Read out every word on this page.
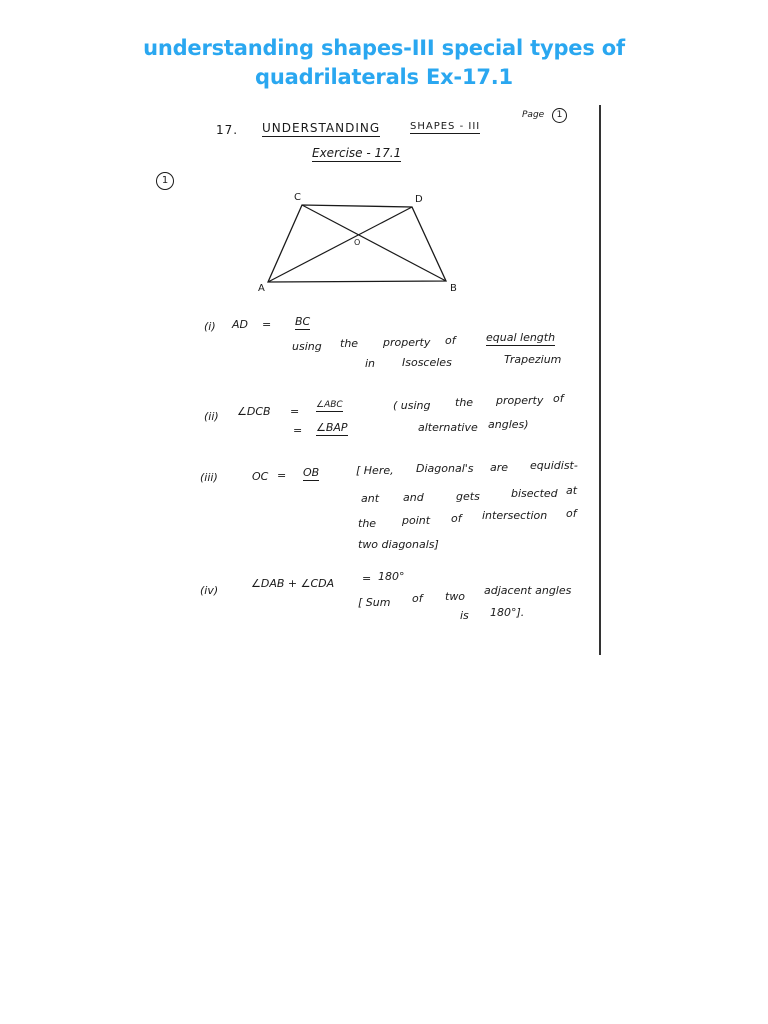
understanding shapes-III special types of
quadrilaterals Ex-17.1
Page	1
17. UNDERSTANDING	SHAPES - III
Exercise - 17.1
1
C	D
O
A	B
(i) AD = BC
using the property of	equal length
in Isosceles	Trapezium
(ii) ∠DCB = ∠ABC
= ∠BAP
( using the property of
alternative angles)
(iii)	OC = OB	[ Here, Diagonal's are equidist-
ant and	gets	bisected at
the point of intersection of
two diagonals]
(iv)
∠DAB + ∠CDA	= 180°
[ Sum of two adjacent angles
is 180°].
